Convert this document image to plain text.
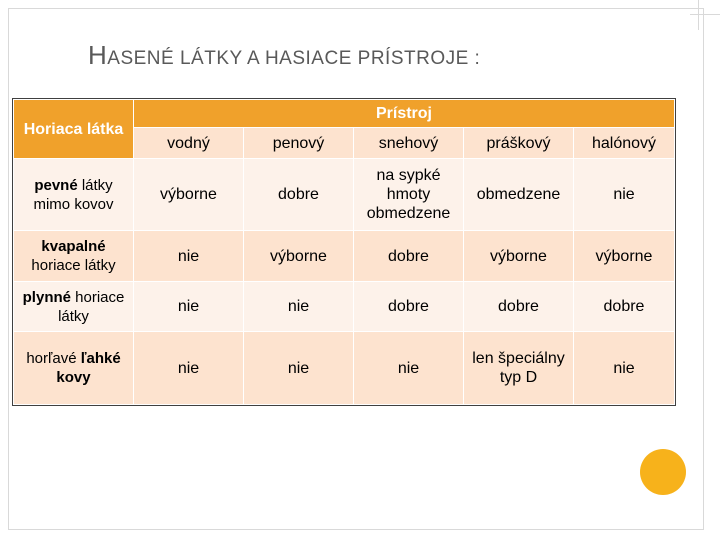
HASENÉ LÁTKY A HASIACE PRÍSTROJE :
Horiaca látka	Prístroj				
	vodný	penový	snehový	práškový	halónový
pevné látky mimo kovov	výborne	dobre	na sypké hmoty obmedzene	obmedzene	nie
kvapalné horiace látky	nie	výborne	dobre	výborne	výborne
plynné horiace látky	nie	nie	dobre	dobre	dobre
horľavé ľahké kovy	nie	nie	nie	len špeciálny typ D	nie
